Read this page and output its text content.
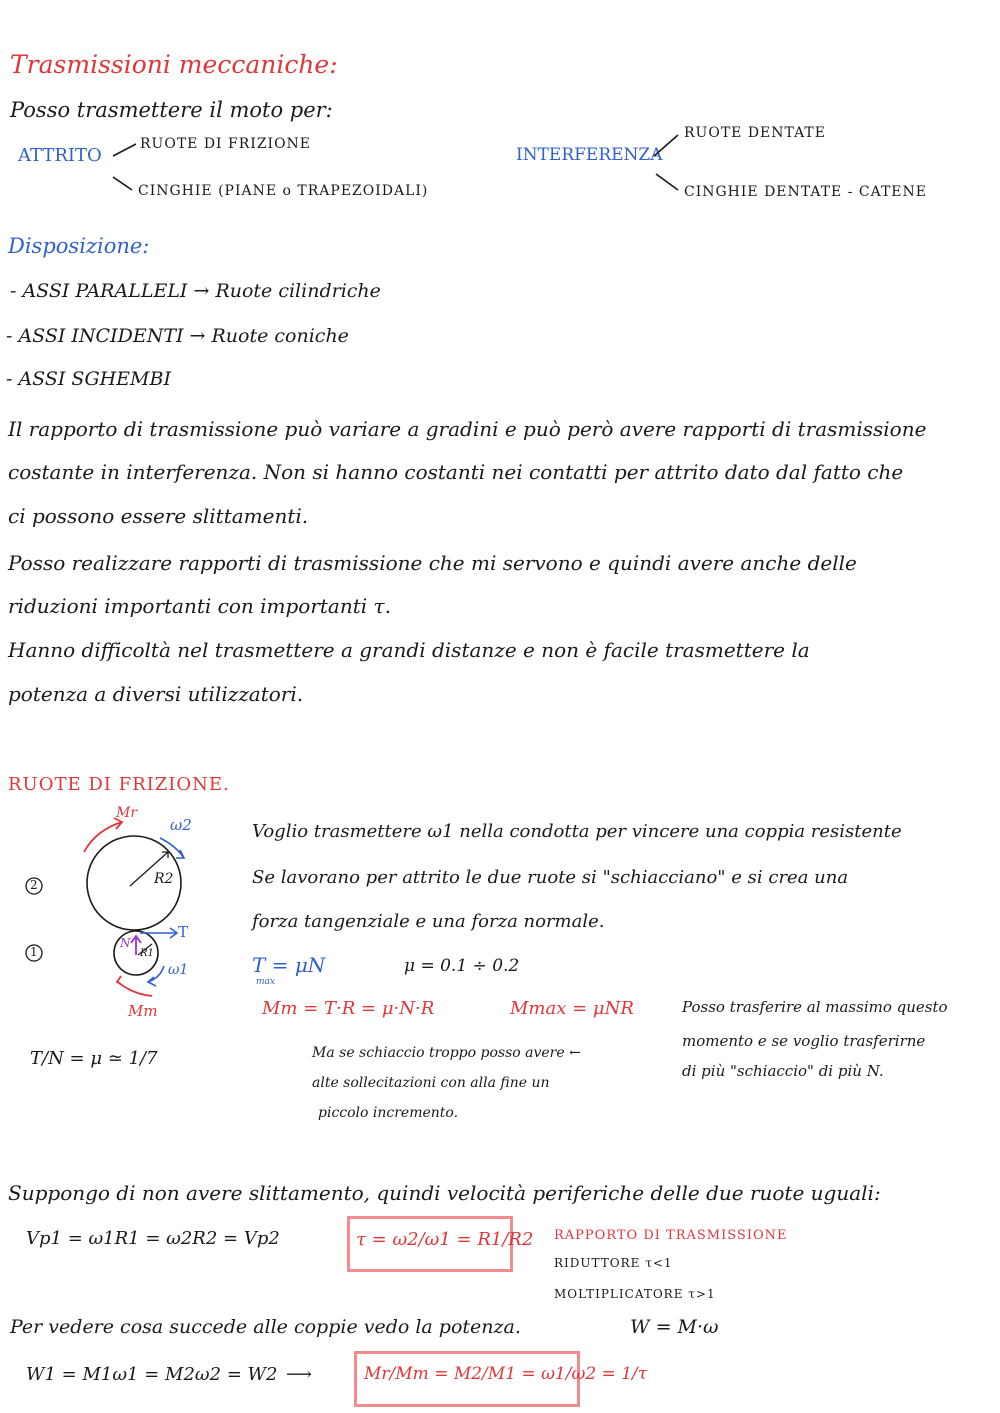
Trasmissioni meccaniche:
Posso trasmettere il moto per:
ATTRITO
RUOTE DI FRIZIONE
CINGHIE (PIANE o TRAPEZOIDALI)
INTERFERENZA
RUOTE DENTATE
CINGHIE DENTATE - CATENE
Disposizione:
- ASSI PARALLELI → Ruote cilindriche
- ASSI INCIDENTI → Ruote coniche
- ASSI SGHEMBI
Il rapporto di trasmissione può variare a gradini e può però avere rapporti di trasmissione
costante in interferenza. Non si hanno costanti nei contatti per attrito dato dal fatto che
ci possono essere slittamenti.
Posso realizzare rapporti di trasmissione che mi servono e quindi avere anche delle
riduzioni importanti con importanti τ.
Hanno difficoltà nel trasmettere a grandi distanze e non è facile trasmettere la
potenza a diversi utilizzatori.
RUOTE DI FRIZIONE.
Mr
ω2
R2
2
1
N
R1
T
ω1
Mm
Voglio trasmettere ω1 nella condotta per vincere una coppia resistente
Se lavorano per attrito le due ruote si "schiacciano" e si crea una
forza tangenziale e una forza normale.
T = μN
max
μ = 0.1 ÷ 0.2
Mm = T·R = μ·N·R	Mmax = μNR	Posso trasferire al massimo questo
momento e se voglio trasferirne
di più "schiaccio" di più N.
T/N = μ ≃ 1/7	Ma se schiaccio troppo posso avere ←
alte sollecitazioni con alla fine un
piccolo incremento.
Suppongo di non avere slittamento, quindi velocità periferiche delle due ruote uguali:
Vp1 = ω1R1 = ω2R2 = Vp2	τ = ω2/ω1 = R1/R2 RAPPORTO DI TRASMISSIONE
RIDUTTORE τ<1
MOLTIPLICATORE τ>1
Per vedere cosa succede alle coppie vedo la potenza.	W = M·ω
W1 = M1ω1 = M2ω2 = W2 ⟶	Mr/Mm = M2/M1 = ω1/ω2 = 1/τ
